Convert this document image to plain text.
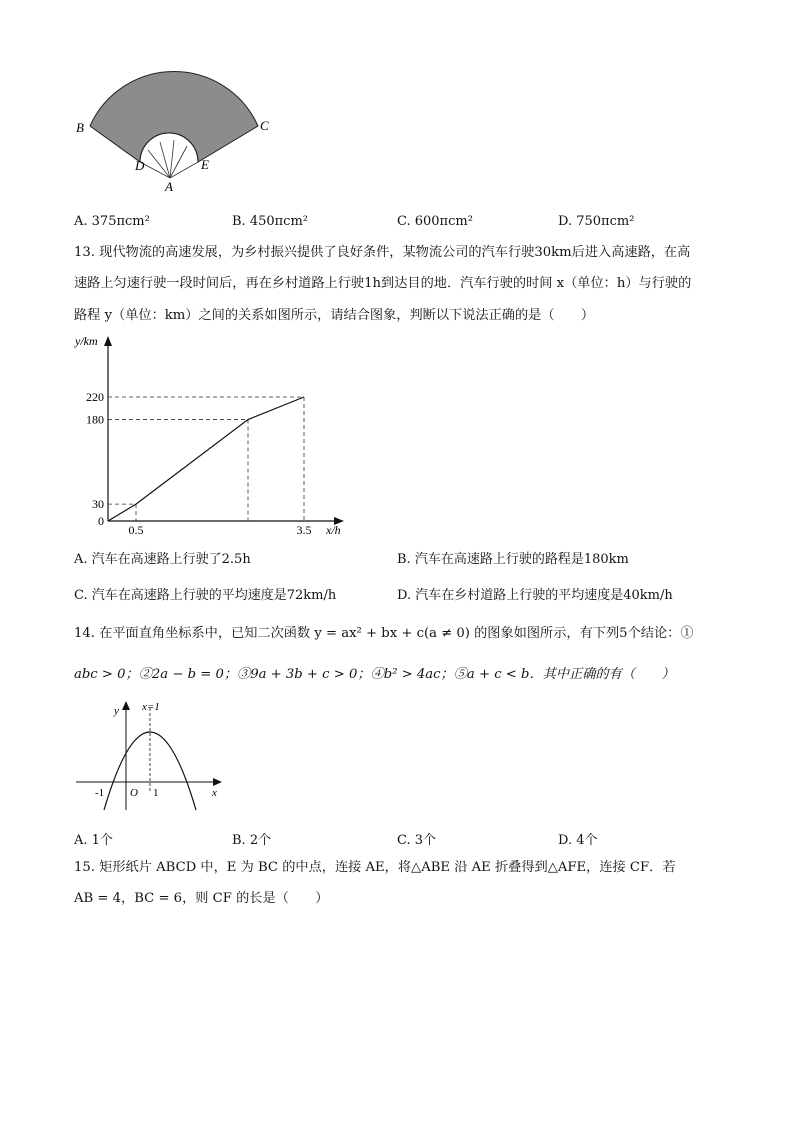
B	C
D	E
A
A. 375πcm²	B. 450πcm²	C. 600πcm²	D. 750πcm²
13. 现代物流的高速发展，为乡村振兴提供了良好条件，某物流公司的汽车行驶30km后进入高速路，在高
速路上匀速行驶一段时间后，再在乡村道路上行驶1h到达目的地．汽车行驶的时间 x（单位：h）与行驶的
路程 y（单位：km）之间的关系如图所示，请结合图象，判断以下说法正确的是（　　）
y/km
x/h
0
30
180
220
0.5	3.5
A. 汽车在高速路上行驶了2.5h	B. 汽车在高速路上行驶的路程是180km
C. 汽车在高速路上行驶的平均速度是72km/h	D. 汽车在乡村道路上行驶的平均速度是40km/h
14. 在平面直角坐标系中，已知二次函数 y = ax² + bx + c(a ≠ 0) 的图象如图所示，有下列5个结论：①
abc > 0；②2a − b = 0；③9a + 3b + c > 0；④b² > 4ac；⑤a + c < b．其中正确的有（　　）
x=1
y
x
O
-1	1
A. 1个	B. 2个	C. 3个	D. 4个
15. 矩形纸片 ABCD 中，E 为 BC 的中点，连接 AE，将△ABE 沿 AE 折叠得到△AFE，连接 CF．若
AB = 4，BC = 6，则 CF 的长是（　　）
